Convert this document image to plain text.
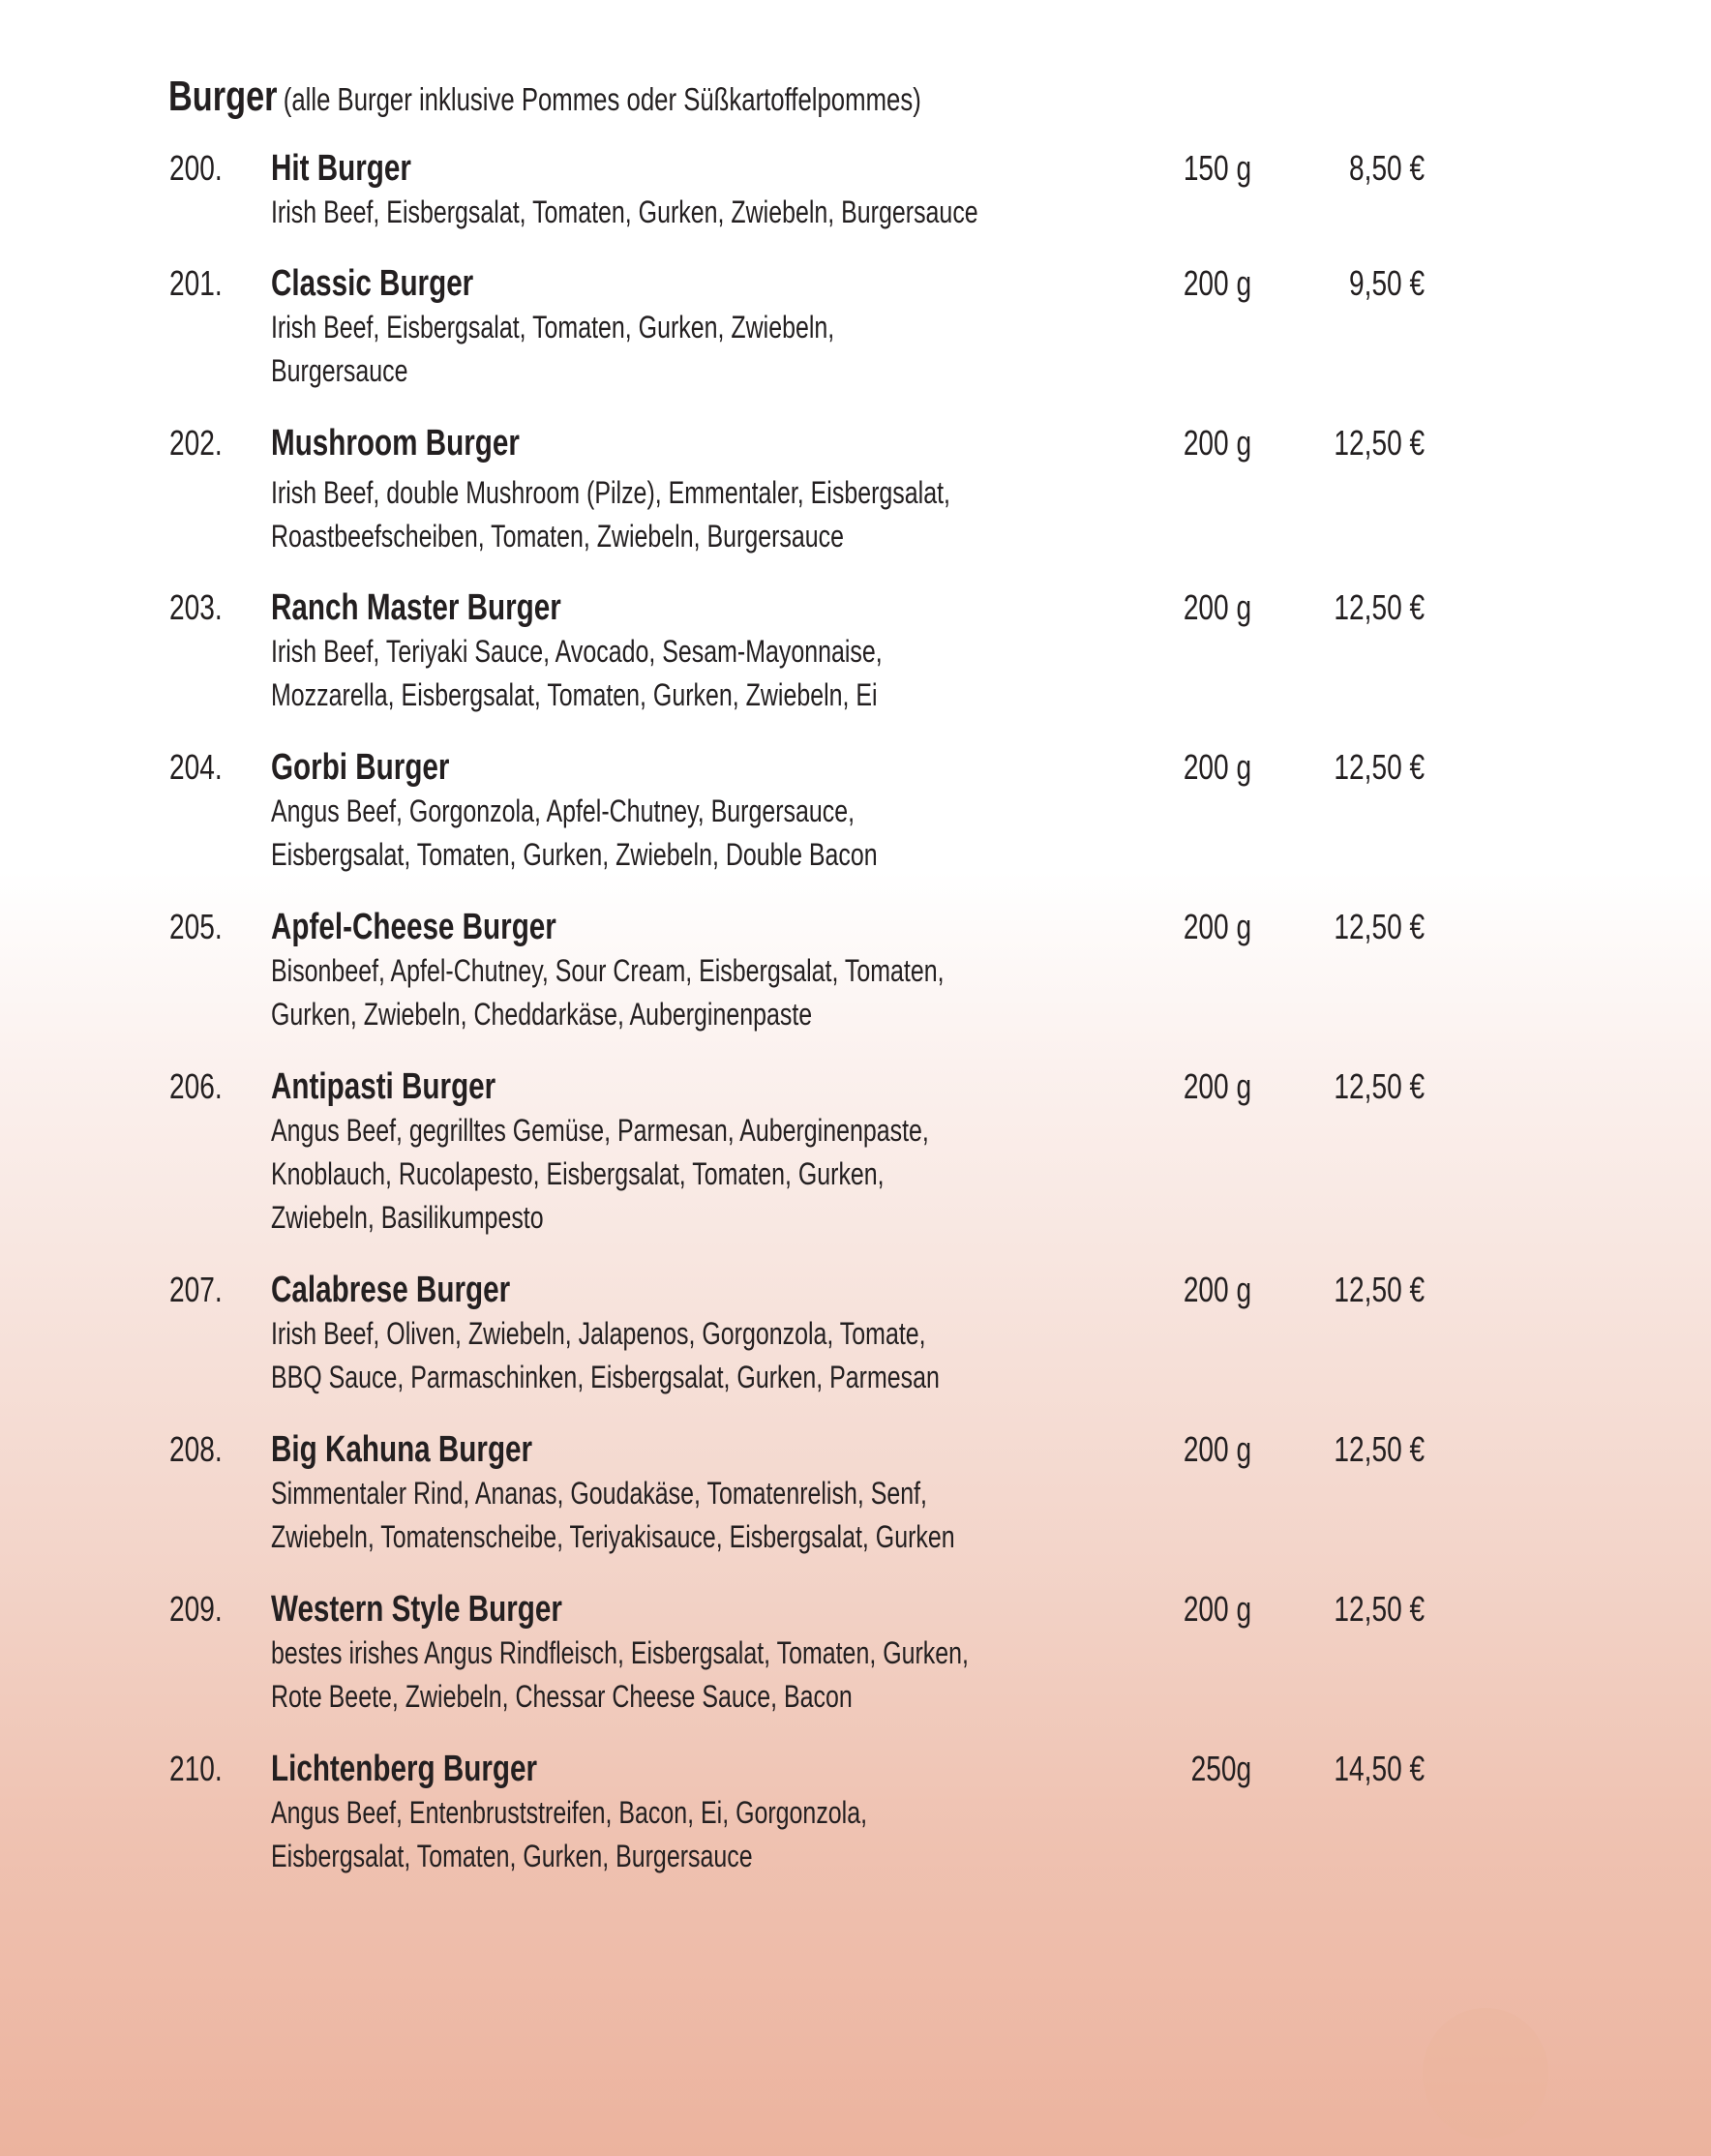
Burger (alle Burger inklusive Pommes oder Süßkartoffelpommes)
200. Hit Burger	150 g	8,50 €
Irish Beef, Eisbergsalat, Tomaten, Gurken, Zwiebeln, Burgersauce
201. Classic Burger	200 g	9,50 €
Irish Beef, Eisbergsalat, Tomaten, Gurken, Zwiebeln,
Burgersauce
202. Mushroom Burger	200 g 12,50 €
Irish Beef, double Mushroom (Pilze), Emmentaler, Eisbergsalat,
Roastbeefscheiben, Tomaten, Zwiebeln, Burgersauce
203. Ranch Master Burger	200 g 12,50 €
Irish Beef, Teriyaki Sauce, Avocado, Sesam-Mayonnaise,
Mozzarella, Eisbergsalat, Tomaten, Gurken, Zwiebeln, Ei
204. Gorbi Burger	200 g 12,50 €
Angus Beef, Gorgonzola, Apfel-Chutney, Burgersauce,
Eisbergsalat, Tomaten, Gurken, Zwiebeln, Double Bacon
205. Apfel-Cheese Burger	200 g 12,50 €
Bisonbeef, Apfel-Chutney, Sour Cream, Eisbergsalat, Tomaten,
Gurken, Zwiebeln, Cheddarkäse, Auberginenpaste
206. Antipasti Burger	200 g 12,50 €
Angus Beef, gegrilltes Gemüse, Parmesan, Auberginenpaste,
Knoblauch, Rucolapesto, Eisbergsalat, Tomaten, Gurken,
Zwiebeln, Basilikumpesto
207. Calabrese Burger	200 g 12,50 €
Irish Beef, Oliven, Zwiebeln, Jalapenos, Gorgonzola, Tomate,
BBQ Sauce, Parmaschinken, Eisbergsalat, Gurken, Parmesan
208. Big Kahuna Burger	200 g 12,50 €
Simmentaler Rind, Ananas, Goudakäse, Tomatenrelish, Senf,
Zwiebeln, Tomatenscheibe, Teriyakisauce, Eisbergsalat, Gurken
209. Western Style Burger	200 g 12,50 €
bestes irishes Angus Rindfleisch, Eisbergsalat, Tomaten, Gurken,
Rote Beete, Zwiebeln, Chessar Cheese Sauce, Bacon
210. Lichtenberg Burger	250g 14,50 €
Angus Beef, Entenbruststreifen, Bacon, Ei, Gorgonzola,
Eisbergsalat, Tomaten, Gurken, Burgersauce
